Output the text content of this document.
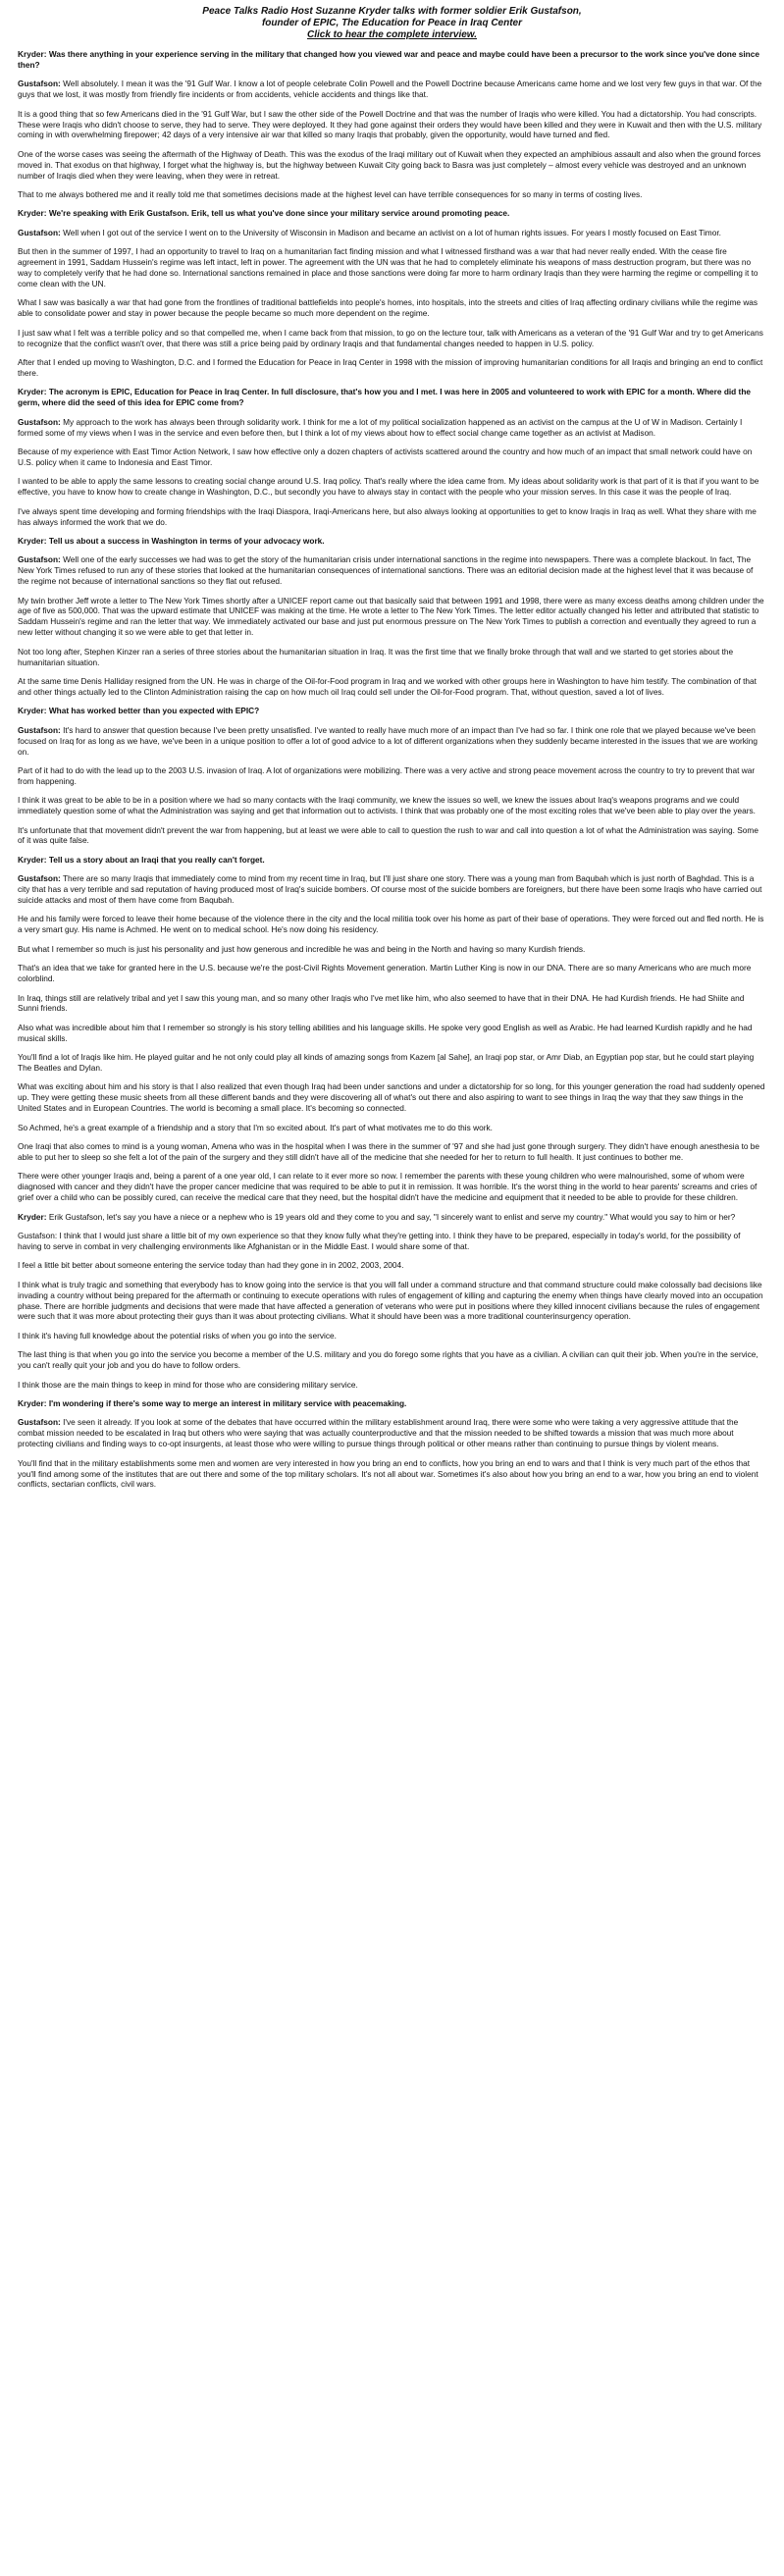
Peace Talks Radio Host Suzanne Kryder talks with former soldier Erik Gustafson,
founder of EPIC, The Education for Peace in Iraq Center
Click to hear the complete interview.

Kryder: Was there anything in your experience serving in the military that changed how you viewed war and peace and maybe could have been a precursor to the work since you've done since then?

Gustafson: Well absolutely. I mean it was the '91 Gulf War. I know a lot of people celebrate Colin Powell and the Powell Doctrine because Americans came home and we lost very few guys in that war. Of the guys that we lost, it was mostly from friendly fire incidents or from accidents, vehicle accidents and things like that.

It is a good thing that so few Americans died in the '91 Gulf War, but I saw the other side of the Powell Doctrine and that was the number of Iraqis who were killed. You had a dictatorship. You had conscripts. These were Iraqis who didn't choose to serve, they had to serve. They were deployed. It they had gone against their orders they would have been killed and they were in Kuwait and then with the U.S. military coming in with overwhelming firepower; 42 days of a very intensive air war that killed so many Iraqis that probably, given the opportunity, would have turned and fled.

One of the worse cases was seeing the aftermath of the Highway of Death. This was the exodus of the Iraqi military out of Kuwait when they expected an amphibious assault and also when the ground forces moved in. That exodus on that highway, I forget what the highway is, but the highway between Kuwait City going back to Basra was just completely – almost every vehicle was destroyed and an unknown number of Iraqis died when they were leaving, when they were in retreat.

That to me always bothered me and it really told me that sometimes decisions made at the highest level can have terrible consequences for so many in terms of costing lives.

Kryder: We're speaking with Erik Gustafson. Erik, tell us what you've done since your military service around promoting peace.

Gustafson: Well when I got out of the service I went on to the University of Wisconsin in Madison and became an activist on a lot of human rights issues. For years I mostly focused on East Timor.

But then in the summer of 1997, I had an opportunity to travel to Iraq on a humanitarian fact finding mission and what I witnessed firsthand was a war that had never really ended. With the cease fire agreement in 1991, Saddam Hussein's regime was left intact, left in power. The agreement with the UN was that he had to completely eliminate his weapons of mass destruction program, but there was no way to completely verify that he had done so. International sanctions remained in place and those sanctions were doing far more to harm ordinary Iraqis than they were harming the regime or compelling it to come clean with the UN.

What I saw was basically a war that had gone from the frontlines of traditional battlefields into people's homes, into hospitals, into the streets and cities of Iraq affecting ordinary civilians while the regime was able to consolidate power and stay in power because the people became so much more dependent on the regime.

I just saw what I felt was a terrible policy and so that compelled me, when I came back from that mission, to go on the lecture tour, talk with Americans as a veteran of the '91 Gulf War and try to get Americans to recognize that the conflict wasn't over, that there was still a price being paid by ordinary Iraqis and that fundamental changes needed to happen in U.S. policy.

After that I ended up moving to Washington, D.C. and I formed the Education for Peace in Iraq Center in 1998 with the mission of improving humanitarian conditions for all Iraqis and bringing an end to conflict there.

Kryder: The acronym is EPIC, Education for Peace in Iraq Center. In full disclosure, that's how you and I met. I was here in 2005 and volunteered to work with EPIC for a month. Where did the germ, where did the seed of this idea for EPIC come from?

Gustafson: My approach to the work has always been through solidarity work. I think for me a lot of my political socialization happened as an activist on the campus at the U of W in Madison. Certainly I formed some of my views when I was in the service and even before then, but I think a lot of my views about how to effect social change came together as an activist at Madison.

Because of my experience with East Timor Action Network, I saw how effective only a dozen chapters of activists scattered around the country and how much of an impact that small network could have on U.S. policy when it came to Indonesia and East Timor.

I wanted to be able to apply the same lessons to creating social change around U.S. Iraq policy. That's really where the idea came from. My ideas about solidarity work is that part of it is that if you want to be effective, you have to know how to create change in Washington, D.C., but secondly you have to always stay in contact with the people who your mission serves. In this case it was the people of Iraq.

I've always spent time developing and forming friendships with the Iraqi Diaspora, Iraqi-Americans here, but also always looking at opportunities to get to know Iraqis in Iraq as well. What they share with me has always informed the work that we do.

Kryder: Tell us about a success in Washington in terms of your advocacy work.

Gustafson: Well one of the early successes we had was to get the story of the humanitarian crisis under international sanctions in the regime into newspapers. There was a complete blackout. In fact, The New York Times refused to run any of these stories that looked at the humanitarian consequences of international sanctions. There was an editorial decision made at the highest level that it was because of the regime not because of international sanctions so they flat out refused.

My twin brother Jeff wrote a letter to The New York Times shortly after a UNICEF report came out that basically said that between 1991 and 1998, there were as many excess deaths among children under the age of five as 500,000. That was the upward estimate that UNICEF was making at the time. He wrote a letter to The New York Times. The letter editor actually changed his letter and attributed that statistic to Saddam Hussein's regime and ran the letter that way. We immediately activated our base and just put enormous pressure on The New York Times to publish a correction and eventually they agreed to run a new letter without changing it so we were able to get that letter in.

Not too long after, Stephen Kinzer ran a series of three stories about the humanitarian situation in Iraq. It was the first time that we finally broke through that wall and we started to get stories about the humanitarian situation.

At the same time Denis Halliday resigned from the UN. He was in charge of the Oil-for-Food program in Iraq and we worked with other groups here in Washington to have him testify. The combination of that and other things actually led to the Clinton Administration raising the cap on how much oil Iraq could sell under the Oil-for-Food program. That, without question, saved a lot of lives.

Kryder: What has worked better than you expected with EPIC?

Gustafson: It's hard to answer that question because I've been pretty unsatisfied. I've wanted to really have much more of an impact than I've had so far. I think one role that we played because we've been focused on Iraq for as long as we have, we've been in a unique position to offer a lot of good advice to a lot of different organizations when they suddenly became interested in the issues that we are working on.

Part of it had to do with the lead up to the 2003 U.S. invasion of Iraq. A lot of organizations were mobilizing. There was a very active and strong peace movement across the country to try to prevent that war from happening.

I think it was great to be able to be in a position where we had so many contacts with the Iraqi community, we knew the issues so well, we knew the issues about Iraq's weapons programs and we could immediately question some of what the Administration was saying and get that information out to activists. I think that was probably one of the most exciting roles that we've been able to play over the years.

It's unfortunate that that movement didn't prevent the war from happening, but at least we were able to call to question the rush to war and call into question a lot of what the Administration was saying. Some of it was quite false.

Kryder: Tell us a story about an Iraqi that you really can't forget.

Gustafson: There are so many Iraqis that immediately come to mind from my recent time in Iraq, but I'll just share one story. There was a young man from Baqubah which is just north of Baghdad. This is a city that has a very terrible and sad reputation of having produced most of Iraq's suicide bombers. Of course most of the suicide bombers are foreigners, but there have been some Iraqis who have carried out suicide attacks and most of them have come from Baqubah.

He and his family were forced to leave their home because of the violence there in the city and the local militia took over his home as part of their base of operations. They were forced out and fled north. He is a very smart guy. His name is Achmed. He went on to medical school. He's now doing his residency.

But what I remember so much is just his personality and just how generous and incredible he was and being in the North and having so many Kurdish friends.

That's an idea that we take for granted here in the U.S. because we're the post-Civil Rights Movement generation. Martin Luther King is now in our DNA. There are so many Americans who are much more colorblind.

In Iraq, things still are relatively tribal and yet I saw this young man, and so many other Iraqis who I've met like him, who also seemed to have that in their DNA. He had Kurdish friends. He had Shiite and Sunni friends.

Also what was incredible about him that I remember so strongly is his story telling abilities and his language skills. He spoke very good English as well as Arabic. He had learned Kurdish rapidly and he had musical skills.

You'll find a lot of Iraqis like him. He played guitar and he not only could play all kinds of amazing songs from Kazem [al Sahe], an Iraqi pop star, or Amr Diab, an Egyptian pop star, but he could start playing The Beatles and Dylan.

What was exciting about him and his story is that I also realized that even though Iraq had been under sanctions and under a dictatorship for so long, for this younger generation the road had suddenly opened up. They were getting these music sheets from all these different bands and they were discovering all of what's out there and also aspiring to want to see things in Iraq the way that they saw things in the United States and in European Countries. The world is becoming a small place. It's becoming so connected.

So Achmed, he's a great example of a friendship and a story that I'm so excited about. It's part of what motivates me to do this work.

One Iraqi that also comes to mind is a young woman, Amena who was in the hospital when I was there in the summer of '97 and she had just gone through surgery. They didn't have enough anesthesia to be able to put her to sleep so she felt a lot of the pain of the surgery and they still didn't have all of the medicine that she needed for her to return to full health. It just continues to bother me.

There were other younger Iraqis and, being a parent of a one year old, I can relate to it ever more so now. I remember the parents with these young children who were malnourished, some of whom were diagnosed with cancer and they didn't have the proper cancer medicine that was required to be able to put it in remission. It was horrible. It's the worst thing in the world to hear parents' screams and cries of grief over a child who can be possibly cured, can receive the medical care that they need, but the hospital didn't have the medicine and equipment that it needed to be able to provide for these children.

Kryder: Erik Gustafson, let's say you have a niece or a nephew who is 19 years old and they come to you and say, "I sincerely want to enlist and serve my country." What would you say to him or her?

Gustafson: I think that I would just share a little bit of my own experience so that they know fully what they're getting into. I think they have to be prepared, especially in today's world, for the possibility of having to serve in combat in very challenging environments like Afghanistan or in the Middle East. I would share some of that.

I feel a little bit better about someone entering the service today than had they gone in in 2002, 2003, 2004.

I think what is truly tragic and something that everybody has to know going into the service is that you will fall under a command structure and that command structure could make colossally bad decisions like invading a country without being prepared for the aftermath or continuing to execute operations with rules of engagement of killing and capturing the enemy when things have clearly moved into an occupation phase. There are horrible judgments and decisions that were made that have affected a generation of veterans who were put in positions where they killed innocent civilians because the rules of engagement were such that it was more about protecting their guys than it was about protecting civilians. What it should have been was a more traditional counterinsurgency operation.

I think it's having full knowledge about the potential risks of when you go into the service.

The last thing is that when you go into the service you become a member of the U.S. military and you do forego some rights that you have as a civilian. A civilian can quit their job. When you're in the service, you can't really quit your job and you do have to follow orders.

I think those are the main things to keep in mind for those who are considering military service.

Kryder: I'm wondering if there's some way to merge an interest in military service with peacemaking.

Gustafson: I've seen it already. If you look at some of the debates that have occurred within the military establishment around Iraq, there were some who were taking a very aggressive attitude that the combat mission needed to be escalated in Iraq but others who were saying that was actually counterproductive and that the mission needed to be shifted towards a mission that was much more about protecting civilians and finding ways to co-opt insurgents, at least those who were willing to pursue things through political or other means rather than continuing to pursue things by violent means.

You'll find that in the military establishments some men and women are very interested in how you bring an end to conflicts, how you bring an end to wars and that I think is very much part of the ethos that you'll find among some of the institutes that are out there and some of the top military scholars. It's not all about war. Sometimes it's also about how you bring an end to a war, how you bring an end to violent conflicts, sectarian conflicts, civil wars.
